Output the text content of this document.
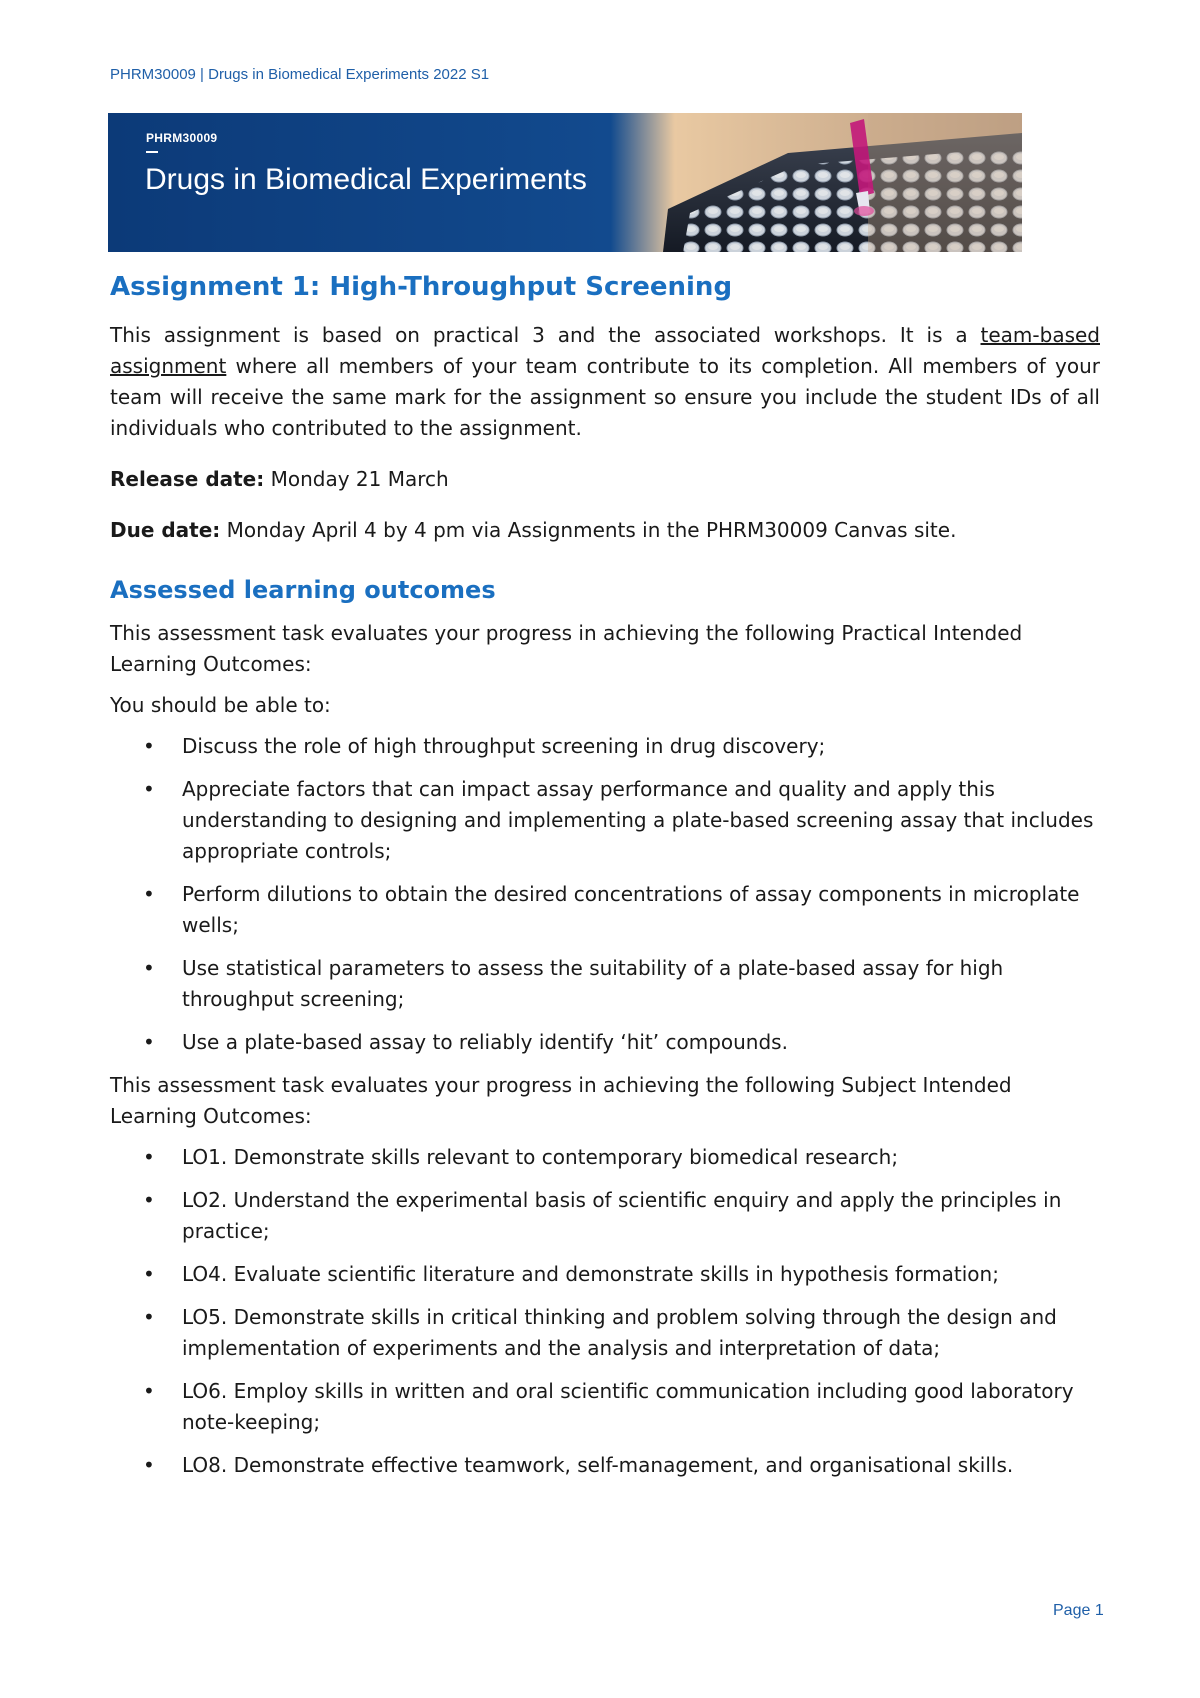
PHRM30009 | Drugs in Biomedical Experiments 2022 S1
PHRM30009
Drugs in Biomedical Experiments
Assignment 1: High-Throughput Screening

This assignment is based on practical 3 and the associated workshops. It is a team-based assignment where all members of your team contribute to its completion. All members of your team will receive the same mark for the assignment so ensure you include the student IDs of all individuals who contributed to the assignment.

Release date: Monday 21 March

Due date: Monday April 4 by 4 pm via Assignments in the PHRM30009 Canvas site.

Assessed learning outcomes

This assessment task evaluates your progress in achieving the following Practical Intended Learning Outcomes:

You should be able to:

• Discuss the role of high throughput screening in drug discovery;
• Appreciate factors that can impact assay performance and quality and apply this understanding to designing and implementing a plate-based screening assay that includes appropriate controls;
• Perform dilutions to obtain the desired concentrations of assay components in microplate wells;
• Use statistical parameters to assess the suitability of a plate-based assay for high throughput screening;
• Use a plate-based assay to reliably identify ‘hit’ compounds.

This assessment task evaluates your progress in achieving the following Subject Intended Learning Outcomes:

• LO1. Demonstrate skills relevant to contemporary biomedical research;
• LO2. Understand the experimental basis of scientific enquiry and apply the principles in practice;
• LO4. Evaluate scientific literature and demonstrate skills in hypothesis formation;
• LO5. Demonstrate skills in critical thinking and problem solving through the design and implementation of experiments and the analysis and interpretation of data;
• LO6. Employ skills in written and oral scientific communication including good laboratory note-keeping;
• LO8. Demonstrate effective teamwork, self-management, and organisational skills.
Page 1
